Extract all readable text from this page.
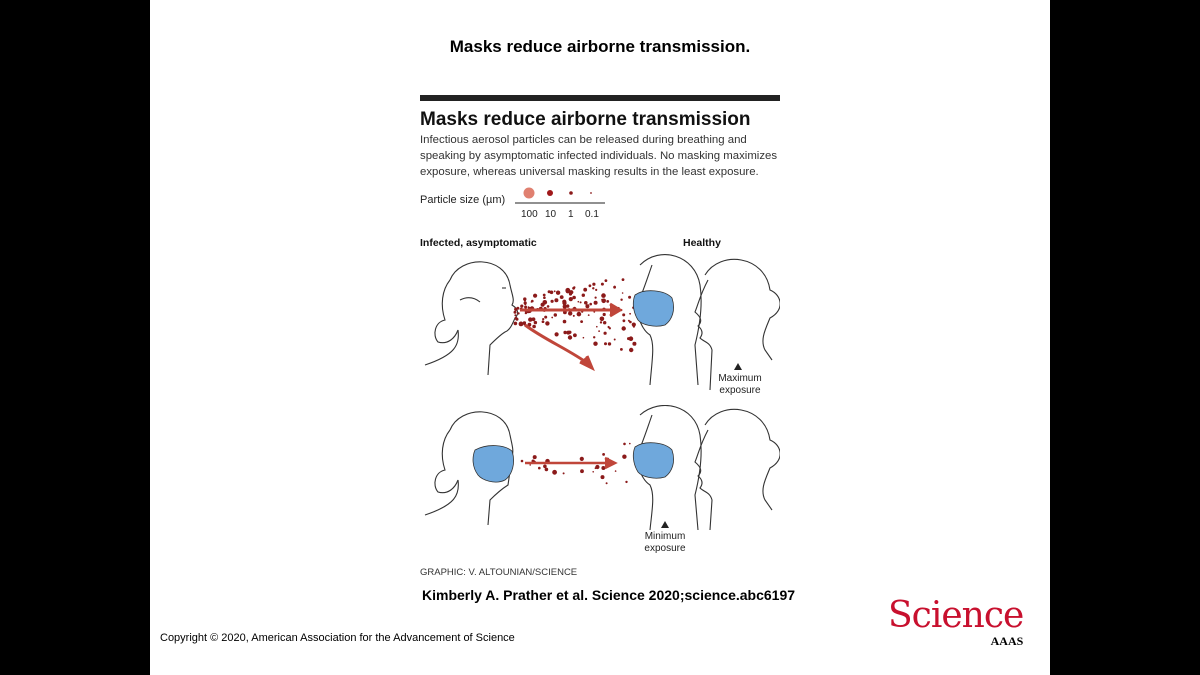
Masks reduce airborne transmission.
Masks reduce airborne transmission
Infectious aerosol particles can be released during breathing and
speaking by asymptomatic infected individuals. No masking maximizes
exposure, whereas universal masking results in the least exposure.
Particle size (µm)
100 10 1 0.1
Infected, asymptomatic	Healthy
Maximum
exposure
Minimum
exposure
GRAPHIC: V. ALTOUNIAN/SCIENCE
Kimberly A. Prather et al. Science 2020;science.abc6197
Copyright © 2020, American Association for the Advancement of Science
Science
AAAS
